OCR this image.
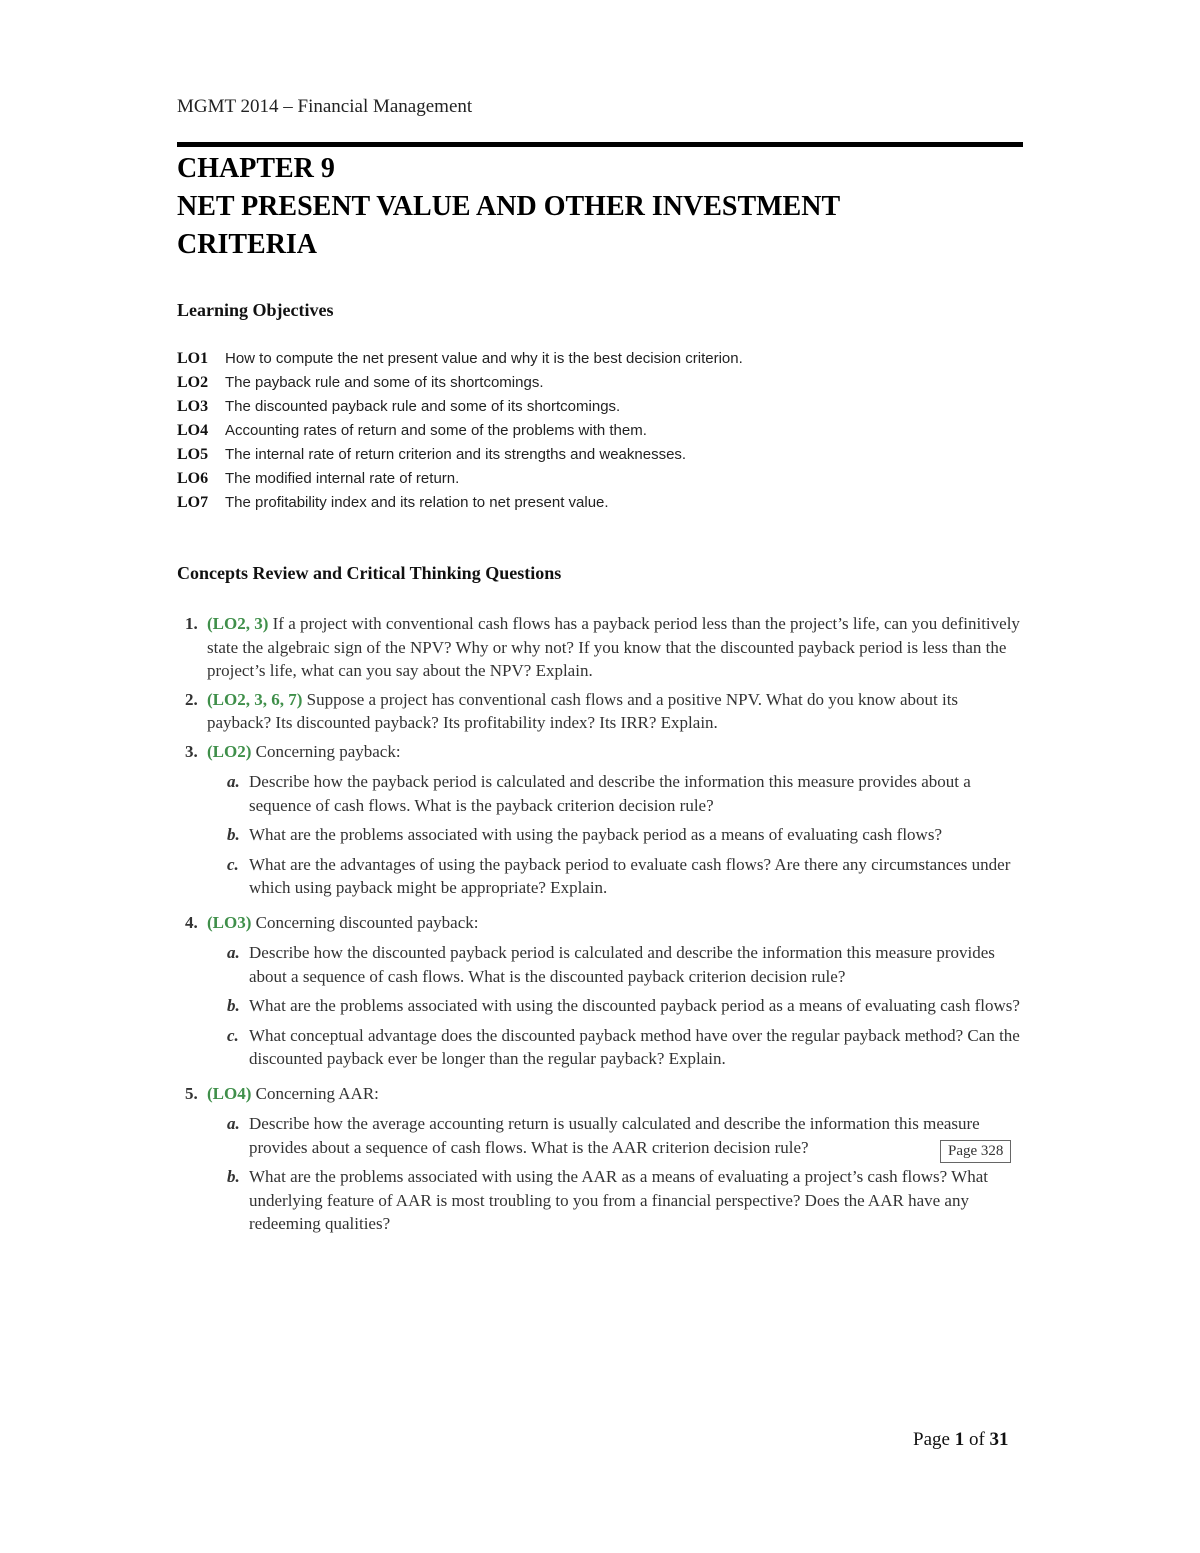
MGMT 2014 – Financial Management
CHAPTER 9
NET PRESENT VALUE AND OTHER INVESTMENT
CRITERIA
Learning Objectives
LO1	How to compute the net present value and why it is the best decision criterion.
LO2	The payback rule and some of its shortcomings.
LO3	The discounted payback rule and some of its shortcomings.
LO4	Accounting rates of return and some of the problems with them.
LO5	The internal rate of return criterion and its strengths and weaknesses.
LO6	The modified internal rate of return.
LO7	The profitability index and its relation to net present value.
Concepts Review and Critical Thinking Questions
1. (LO2, 3) If a project with conventional cash flows has a payback period less than the project’s life, can you definitively state the algebraic sign of the NPV? Why or why not? If you know that the discounted payback period is less than the project’s life, what can you say about the NPV? Explain.
2. (LO2, 3, 6, 7) Suppose a project has conventional cash flows and a positive NPV. What do you know about its payback? Its discounted payback? Its profitability index? Its IRR? Explain.
3. (LO2) Concerning payback:
a. Describe how the payback period is calculated and describe the information this measure provides about a sequence of cash flows. What is the payback criterion decision rule?
b. What are the problems associated with using the payback period as a means of evaluating cash flows?
c. What are the advantages of using the payback period to evaluate cash flows? Are there any circumstances under which using payback might be appropriate? Explain.
4. (LO3) Concerning discounted payback:
a. Describe how the discounted payback period is calculated and describe the information this measure provides about a sequence of cash flows. What is the discounted payback criterion decision rule?
b. What are the problems associated with using the discounted payback period as a means of evaluating cash flows?
c. What conceptual advantage does the discounted payback method have over the regular payback method? Can the discounted payback ever be longer than the regular payback? Explain.
5. (LO4) Concerning AAR:
a. Describe how the average accounting return is usually calculated and describe the information this measure provides about a sequence of cash flows. What is the AAR criterion decision rule?
b. What are the problems associated with using the AAR as a means of evaluating a project’s cash flows? What underlying feature of AAR is most troubling to you from a financial perspective? Does the AAR have any redeeming qualities?
Page 328
Page 1 of 31
